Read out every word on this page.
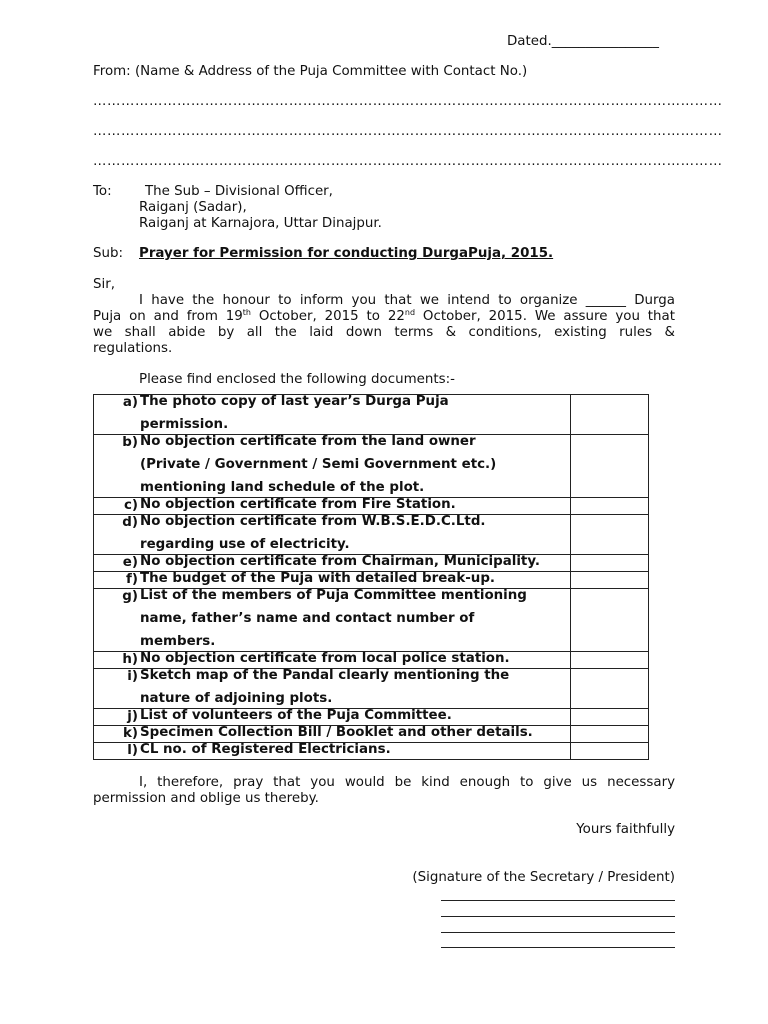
Dated.________________
From: (Name & Address of the Puja Committee with Contact No.)
………………………………………………………………………………………………………………………
………………………………………………………………………………………………………………………
………………………………………………………………………………………………………………………
To: The Sub – Divisional Officer,
Raiganj (Sadar),
Raiganj at Karnajora, Uttar Dinajpur.
Sub: Prayer for Permission for conducting DurgaPuja, 2015.
Sir,
I have the honour to inform you that we intend to organize ______ Durga
Puja on and from 19th October, 2015 to 22nd October, 2015. We assure you that
we shall abide by all the laid down terms & conditions, existing rules &
regulations.
Please find enclosed the following documents:-
a) The photo copy of last year’s Durga Puja
permission.	

b) No objection certificate from the land owner
(Private / Government / Semi Government etc.)
mentioning land schedule of the plot.	

c) No objection certificate from Fire Station.	

d) No objection certificate from W.B.S.E.D.C.Ltd.
regarding use of electricity.	

e) No objection certificate from Chairman, Municipality.	

f) The budget of the Puja with detailed break-up.	

g) List of the members of Puja Committee mentioning
name, father’s name and contact number of
members.	

h) No objection certificate from local police station.	

i) Sketch map of the Pandal clearly mentioning the
nature of adjoining plots.	

j) List of volunteers of the Puja Committee.	

k) Specimen Collection Bill / Booklet and other details.	

l) CL no. of Registered Electricians.	

I, therefore, pray that you would be kind enough to give us necessary
permission and oblige us thereby.
Yours faithfully
(Signature of the Secretary / President)
